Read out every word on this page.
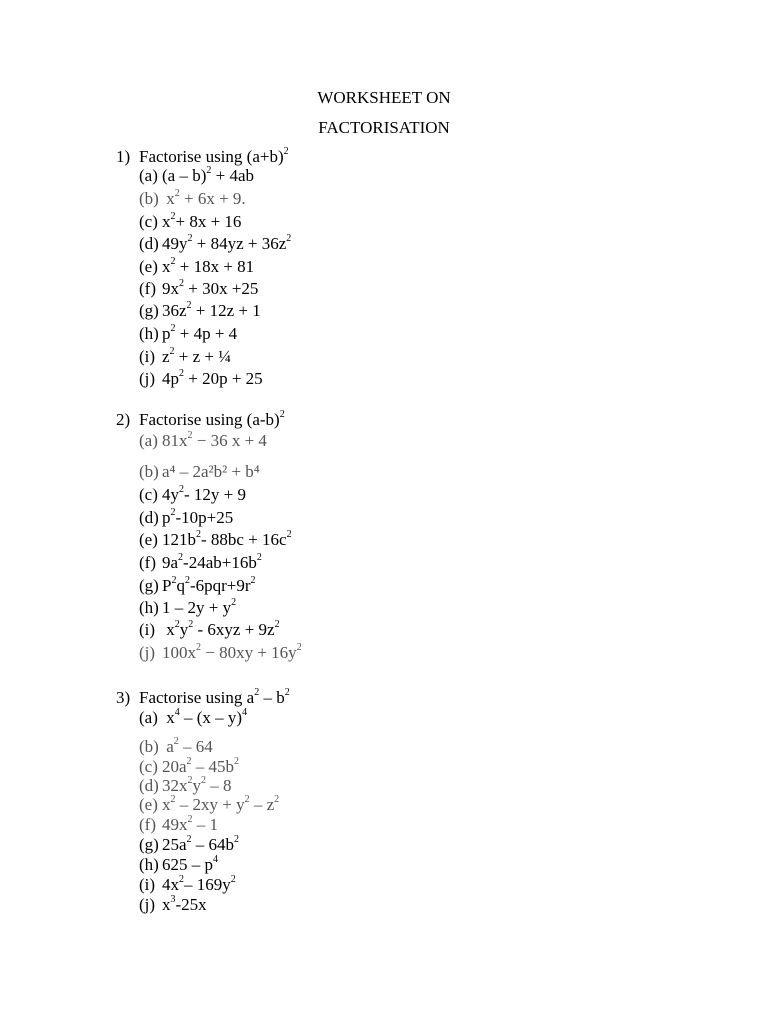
WORKSHEET ON
FACTORISATION
1) Factorise using $(a+b)^2$
(a) (a – b)$^2$ + 4ab
(b) $x^2 + 6x + 9$.
(c) $x^2+ 8x + 16$
(d) $49y^2 + 84yz + 36z^2$
(e) $x^2 + 18x + 81$
(f) $9x^2 + 30x +25$
(g) $36z^2 + 12z + 1$
(h) $p^2 + 4p + 4$
(i) $z^2 + z$ + ¼
(j) $4p^2 + 20p + 25$
2) Factorise using $(a-b)^2$
(a) $81x^2 - 36$ x + 4
(b) a⁴ – 2a²b² + b⁴
(c) $4y^2-$ 12y + 9
(d) $p^2-10p+25$
(e) $121b^2-$ $88bc + 16c^2$
(f) $9a^2-24ab+16b^2$
(g) $P^2q^2-6pqr+9r^2$
(h) $1 - 2y + y^2$
(i) $x^2y^2 - 6xyz + 9z^2$
(j) $100x^2 - 80xy + 16y^2$
3) Factorise using $a^2 - b^2$
(a) $x^4 - (x - y)^4$
(b) $a^2 - 64$
(c) $20a^2 - 45b^2$
(d) $32x^2y^2 - 8$
(e) $x^2 - 2xy + y^2 - z^2$
(f) $49x^2 - 1$
(g) $25a^2 - 64b^2$
(h) $625 - p^4$
(i) $4x^2-$ $169y^2$
(j) $x^3-25x$
